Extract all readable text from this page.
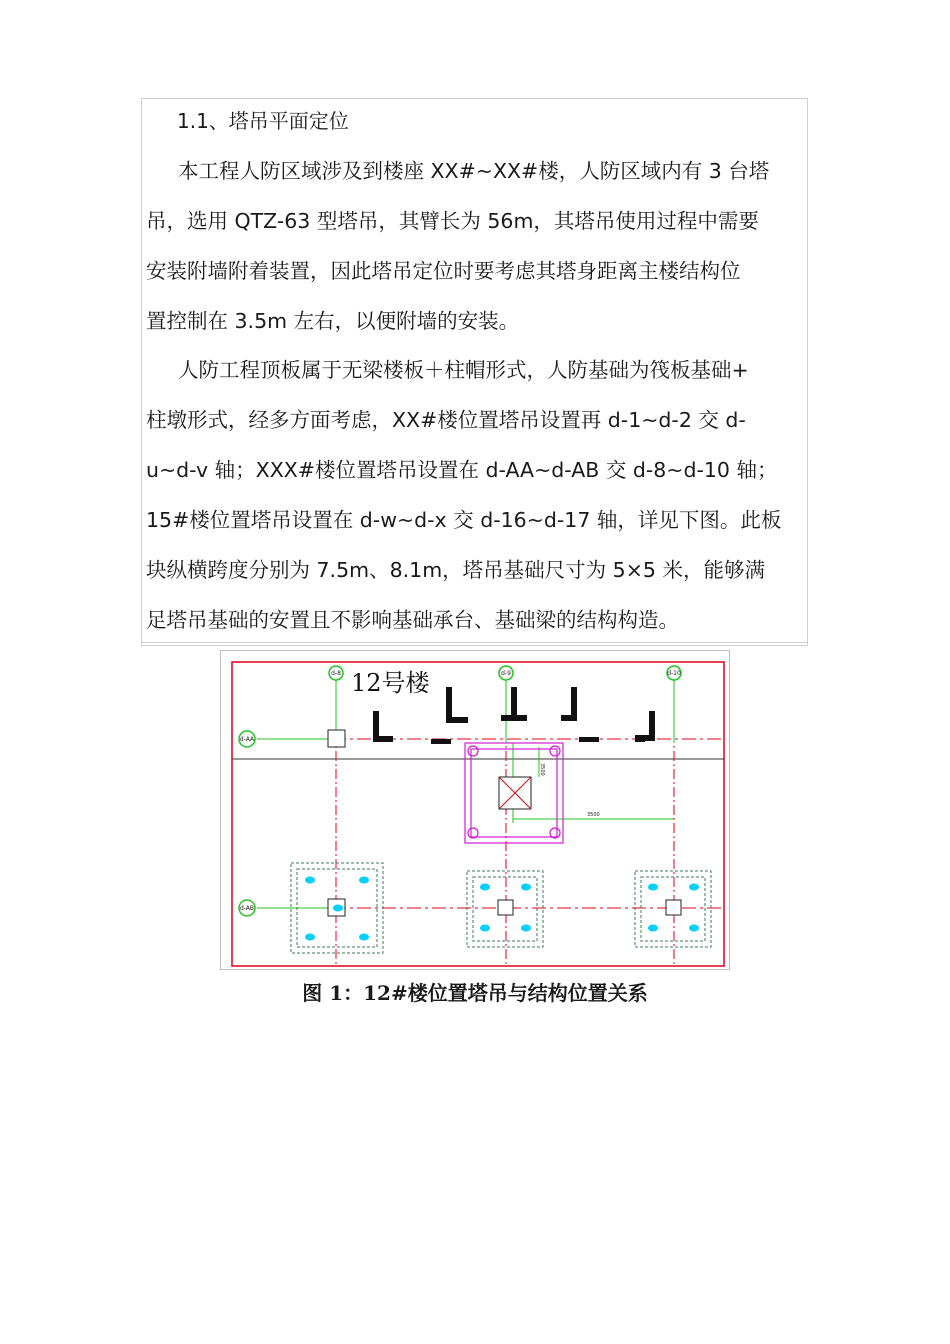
1.1、塔吊平面定位
本工程人防区域涉及到楼座 XX#~XX#楼，人防区域内有 3 台塔
吊，选用 QTZ-63 型塔吊，其臂长为 56m，其塔吊使用过程中需要
安装附墙附着装置，因此塔吊定位时要考虑其塔身距离主楼结构位
置控制在 3.5m 左右，以便附墙的安装。
人防工程顶板属于无梁楼板＋柱帽形式，人防基础为筏板基础+
柱墩形式，经多方面考虑，XX#楼位置塔吊设置再 d-1~d-2 交 d-
u~d-v 轴；XXX#楼位置塔吊设置在 d-AA~d-AB 交 d-8~d-10 轴；
15#楼位置塔吊设置在 d-w~d-x 交 d-16~d-17 轴，详见下图。此板
块纵横跨度分别为 7.5m、8.1m，塔吊基础尺寸为 5×5 米，能够满
足塔吊基础的安置且不影响基础承台、基础梁的结构构造。
d-8	d-9	d-10
d-AA
d-AB
12号楼
3500
3500
图 1：12#楼位置塔吊与结构位置关系
